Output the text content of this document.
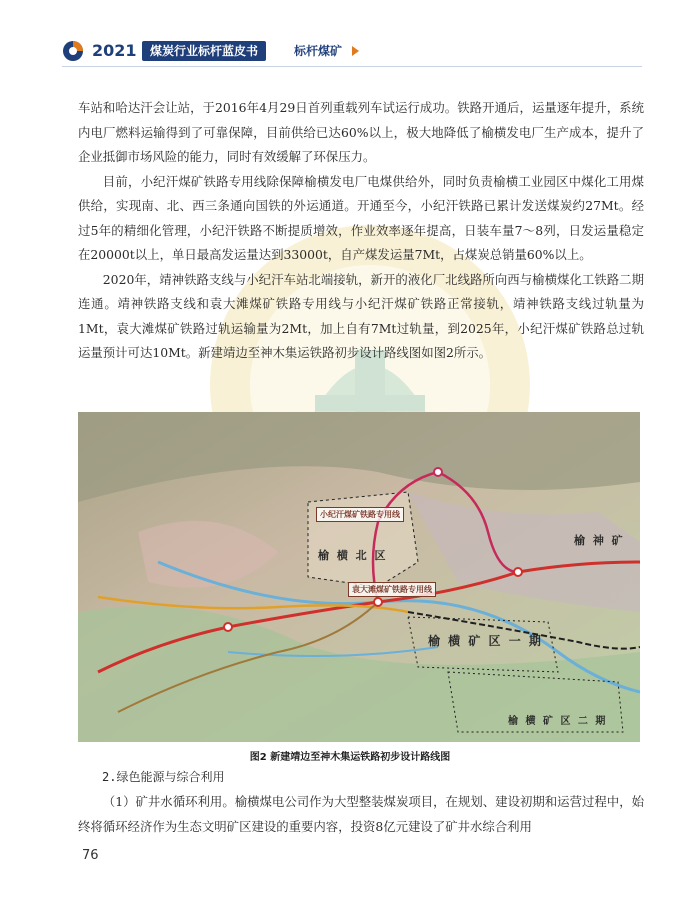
2021	煤炭行业标杆蓝皮书	标杆煤矿

车站和哈达汗会让站，于2016年4月29日首列重载列车试运行成功。铁路开通后，运量逐年提升，系统内电厂燃料运输得到了可靠保障，目前供给已达60%以上，极大地降低了榆横发电厂生产成本，提升了企业抵御市场风险的能力，同时有效缓解了环保压力。

目前，小纪汗煤矿铁路专用线除保障榆横发电厂电煤供给外，同时负责榆横工业园区中煤化工用煤供给，实现南、北、西三条通向国铁的外运通道。开通至今，小纪汗铁路已累计发送煤炭约27Mt。经过5年的精细化管理，小纪汗铁路不断提质增效，作业效率逐年提高，日装车量7～8列，日发运量稳定在20000t以上，单日最高发运量达到33000t，自产煤发运量7Mt，占煤炭总销量60%以上。

2020年，靖神铁路支线与小纪汗车站北端接轨，新开的液化厂北线路所向西与榆横煤化工铁路二期连通。靖神铁路支线和袁大滩煤矿铁路专用线与小纪汗煤矿铁路正常接轨，靖神铁路支线过轨量为1Mt，袁大滩煤矿铁路过轨运输量为2Mt，加上自有7Mt过轨量，到2025年，小纪汗煤矿铁路总过轨运量预计可达10Mt。新建靖边至神木集运铁路初步设计路线图如图2所示。

小纪汗煤矿铁路专用线
袁大滩煤矿铁路专用线
榆 横 北 区
榆 神 矿
榆 横 矿 区 一 期
榆 横 矿 区 二 期
图2 新建靖边至神木集运铁路初步设计路线图
2.绿色能源与综合利用

（1）矿井水循环利用。榆横煤电公司作为大型整装煤炭项目，在规划、建设初期和运营过程中，始终将循环经济作为生态文明矿区建设的重要内容，投资8亿元建设了矿井水综合利用

76
